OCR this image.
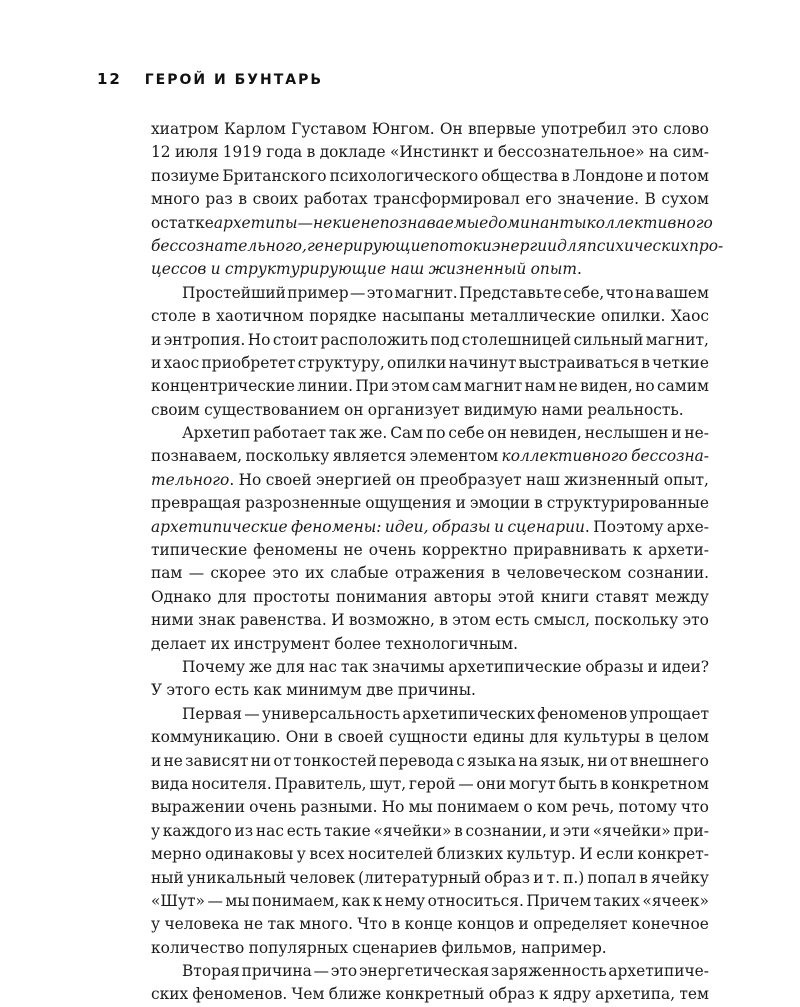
12 ГЕРОЙ И БУНТАРЬ
хиатром Карлом Густавом Юнгом. Он впервые употребил это слово
12 июля 1919 года в докладе «Инстинкт и бессознательное» на сим-
позиуме Британского психологического общества в Лондоне и потом
много раз в своих работах трансформировал его значение. В сухом
остатке архетипы — некие непознаваемые доминанты коллективного
бессознательного, генерирующие потоки энергии для психических про-
цессов и структурирующие наш жизненный опыт.
Простейший пример — это магнит. Представьте себе, что на вашем
столе в хаотичном порядке насыпаны металлические опилки. Хаос
и энтропия. Но стоит расположить под столешницей сильный магнит,
и хаос приобретет структуру, опилки начинут выстраиваться в четкие
концентрические линии. При этом сам магнит нам не виден, но самим
своим существованием он организует видимую нами реальность.
Архетип работает так же. Сам по себе он невиден, неслышен и не-
познаваем, поскольку является элементом коллективного бессозна-
тельного. Но своей энергией он преобразует наш жизненный опыт,
превращая разрозненные ощущения и эмоции в структурированные
архетипические феномены: идеи, образы и сценарии. Поэтому архе-
типические феномены не очень корректно приравнивать к архети-
пам — скорее это их слабые отражения в человеческом сознании.
Однако для простоты понимания авторы этой книги ставят между
ними знак равенства. И возможно, в этом есть смысл, поскольку это
делает их инструмент более технологичным.
Почему же для нас так значимы архетипические образы и идеи?
У этого есть как минимум две причины.
Первая — универсальность архетипических феноменов упрощает
коммуникацию. Они в своей сущности едины для культуры в целом
и не зависят ни от тонкостей перевода с языка на язык, ни от внешнего
вида носителя. Правитель, шут, герой — они могут быть в конкретном
выражении очень разными. Но мы понимаем о ком речь, потому что
у каждого из нас есть такие «ячейки» в сознании, и эти «ячейки» при-
мерно одинаковы у всех носителей близких культур. И если конкрет-
ный уникальный человек (литературный образ и т. п.) попал в ячейку
«Шут» — мы понимаем, как к нему относиться. Причем таких «ячеек»
у человека не так много. Что в конце концов и определяет конечное
количество популярных сценариев фильмов, например.
Вторая причина — это энергетическая заряженность архетипиче-
ских феноменов. Чем ближе конкретный образ к ядру архетипа, тем
